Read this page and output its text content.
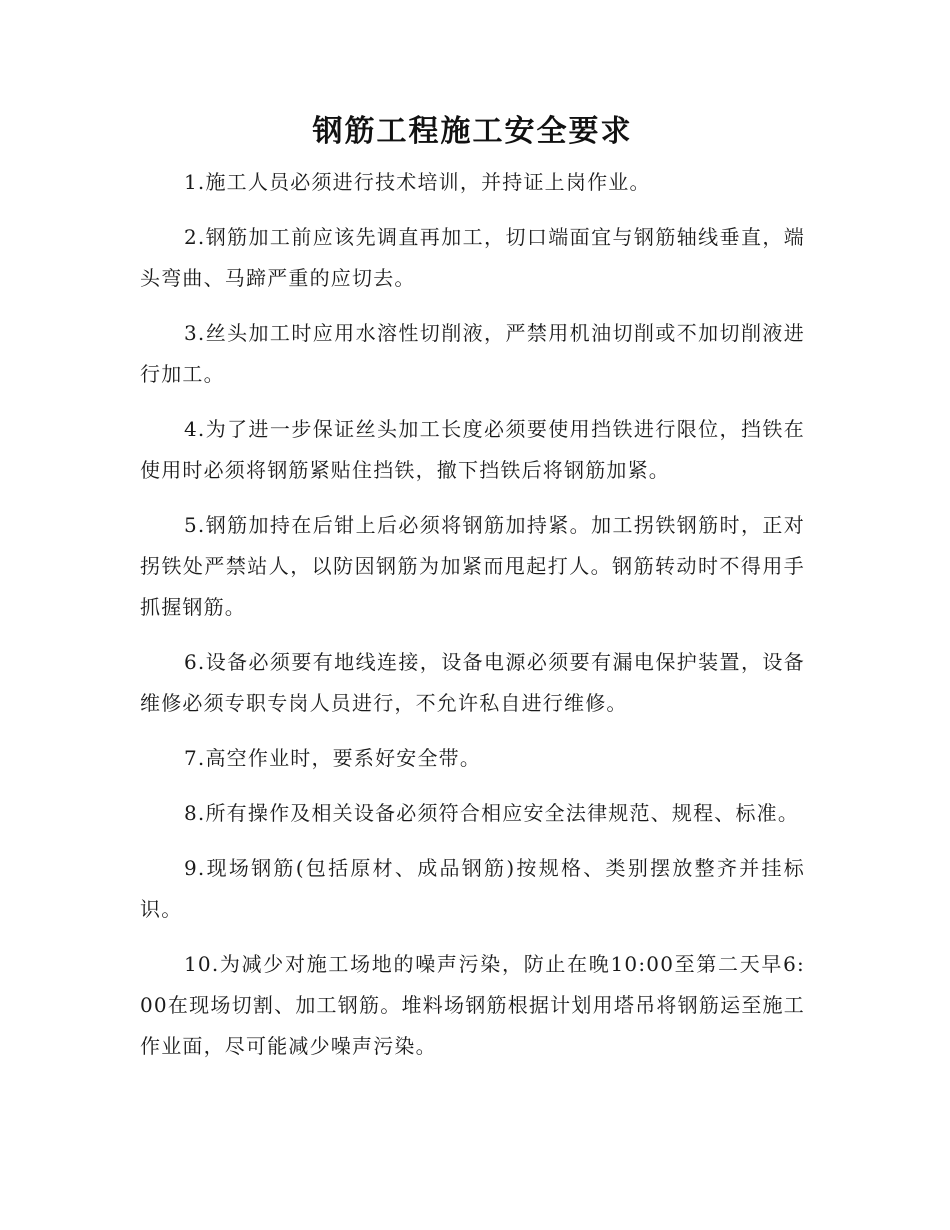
钢筋工程施工安全要求

1.施工人员必须进行技术培训，并持证上岗作业。

2.钢筋加工前应该先调直再加工，切口端面宜与钢筋轴线垂直，端头弯曲、马蹄严重的应切去。

3.丝头加工时应用水溶性切削液，严禁用机油切削或不加切削液进行加工。

4.为了进一步保证丝头加工长度必须要使用挡铁进行限位，挡铁在使用时必须将钢筋紧贴住挡铁，撤下挡铁后将钢筋加紧。

5.钢筋加持在后钳上后必须将钢筋加持紧。加工拐铁钢筋时，正对拐铁处严禁站人，以防因钢筋为加紧而甩起打人。钢筋转动时不得用手抓握钢筋。

6.设备必须要有地线连接，设备电源必须要有漏电保护装置，设备维修必须专职专岗人员进行，不允许私自进行维修。

7.高空作业时，要系好安全带。

8.所有操作及相关设备必须符合相应安全法律规范、规程、标准。

9.现场钢筋(包括原材、成品钢筋)按规格、类别摆放整齐并挂标识。

10.为减少对施工场地的噪声污染，防止在晚10:00至第二天早6:00在现场切割、加工钢筋。堆料场钢筋根据计划用塔吊将钢筋运至施工作业面，尽可能减少噪声污染。
